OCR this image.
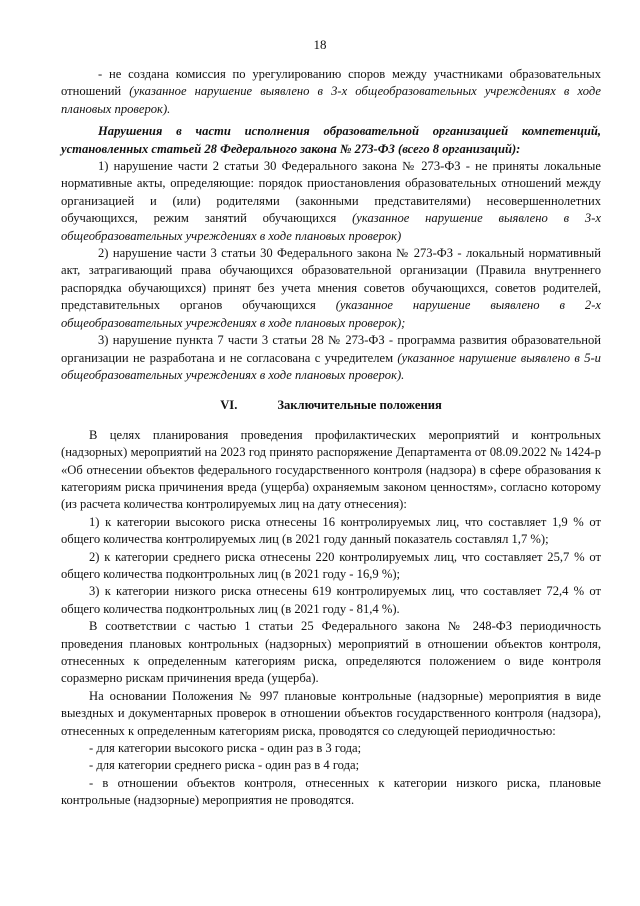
18

- не создана комиссия по урегулированию споров между участниками образовательных отношений (указанное нарушение выявлено в 3-х общеобразовательных учреждениях в ходе плановых проверок).

Нарушения в части исполнения образовательной организацией компетенций, установленных статьей 28 Федерального закона № 273-ФЗ (всего 8 организаций):

1) нарушение части 2 статьи 30 Федерального закона № 273-ФЗ - не приняты локальные нормативные акты, определяющие: порядок приостановления образовательных отношений между организацией и (или) родителями (законными представителями) несовершеннолетних обучающихся, режим занятий обучающихся (указанное нарушение выявлено в 3-х общеобразовательных учреждениях в ходе плановых проверок)

2) нарушение части 3 статьи 30 Федерального закона № 273-ФЗ - локальный нормативный акт, затрагивающий права обучающихся образовательной организации (Правила внутреннего распорядка обучающихся) принят без учета мнения советов обучающихся, советов родителей, представительных органов обучающихся (указанное нарушение выявлено в 2-х общеобразовательных учреждениях в ходе плановых проверок);

3) нарушение пункта 7 части 3 статьи 28 № 273-ФЗ - программа развития образовательной организации не разработана и не согласована с учредителем (указанное нарушение выявлено в 5-и общеобразовательных учреждениях в ходе плановых проверок).

VI.	Заключительные положения

В целях планирования проведения профилактических мероприятий и контрольных (надзорных) мероприятий на 2023 год принято распоряжение Департамента от 08.09.2022 № 1424-р «Об отнесении объектов федерального государственного контроля (надзора) в сфере образования к категориям риска причинения вреда (ущерба) охраняемым законом ценностям», согласно которому (из расчета количества контролируемых лиц на дату отнесения):

1) к категории высокого риска отнесены 16 контролируемых лиц, что составляет 1,9 % от общего количества контролируемых лиц (в 2021 году данный показатель составлял 1,7 %);

2) к категории среднего риска отнесены 220 контролируемых лиц, что составляет 25,7 % от общего количества подконтрольных лиц (в 2021 году - 16,9 %);

3) к категории низкого риска отнесены 619 контролируемых лиц, что составляет 72,4 % от общего количества подконтрольных лиц (в 2021 году - 81,4 %).

В соответствии с частью 1 статьи 25 Федерального закона № 248-ФЗ периодичность проведения плановых контрольных (надзорных) мероприятий в отношении объектов контроля, отнесенных к определенным категориям риска, определяются положением о виде контроля соразмерно рискам причинения вреда (ущерба).

На основании Положения № 997 плановые контрольные (надзорные) мероприятия в виде выездных и документарных проверок в отношении объектов государственного контроля (надзора), отнесенных к определенным категориям риска, проводятся со следующей периодичностью:

- для категории высокого риска - один раз в 3 года;

- для категории среднего риска - один раз в 4 года;

- в отношении объектов контроля, отнесенных к категории низкого риска, плановые контрольные (надзорные) мероприятия не проводятся.
